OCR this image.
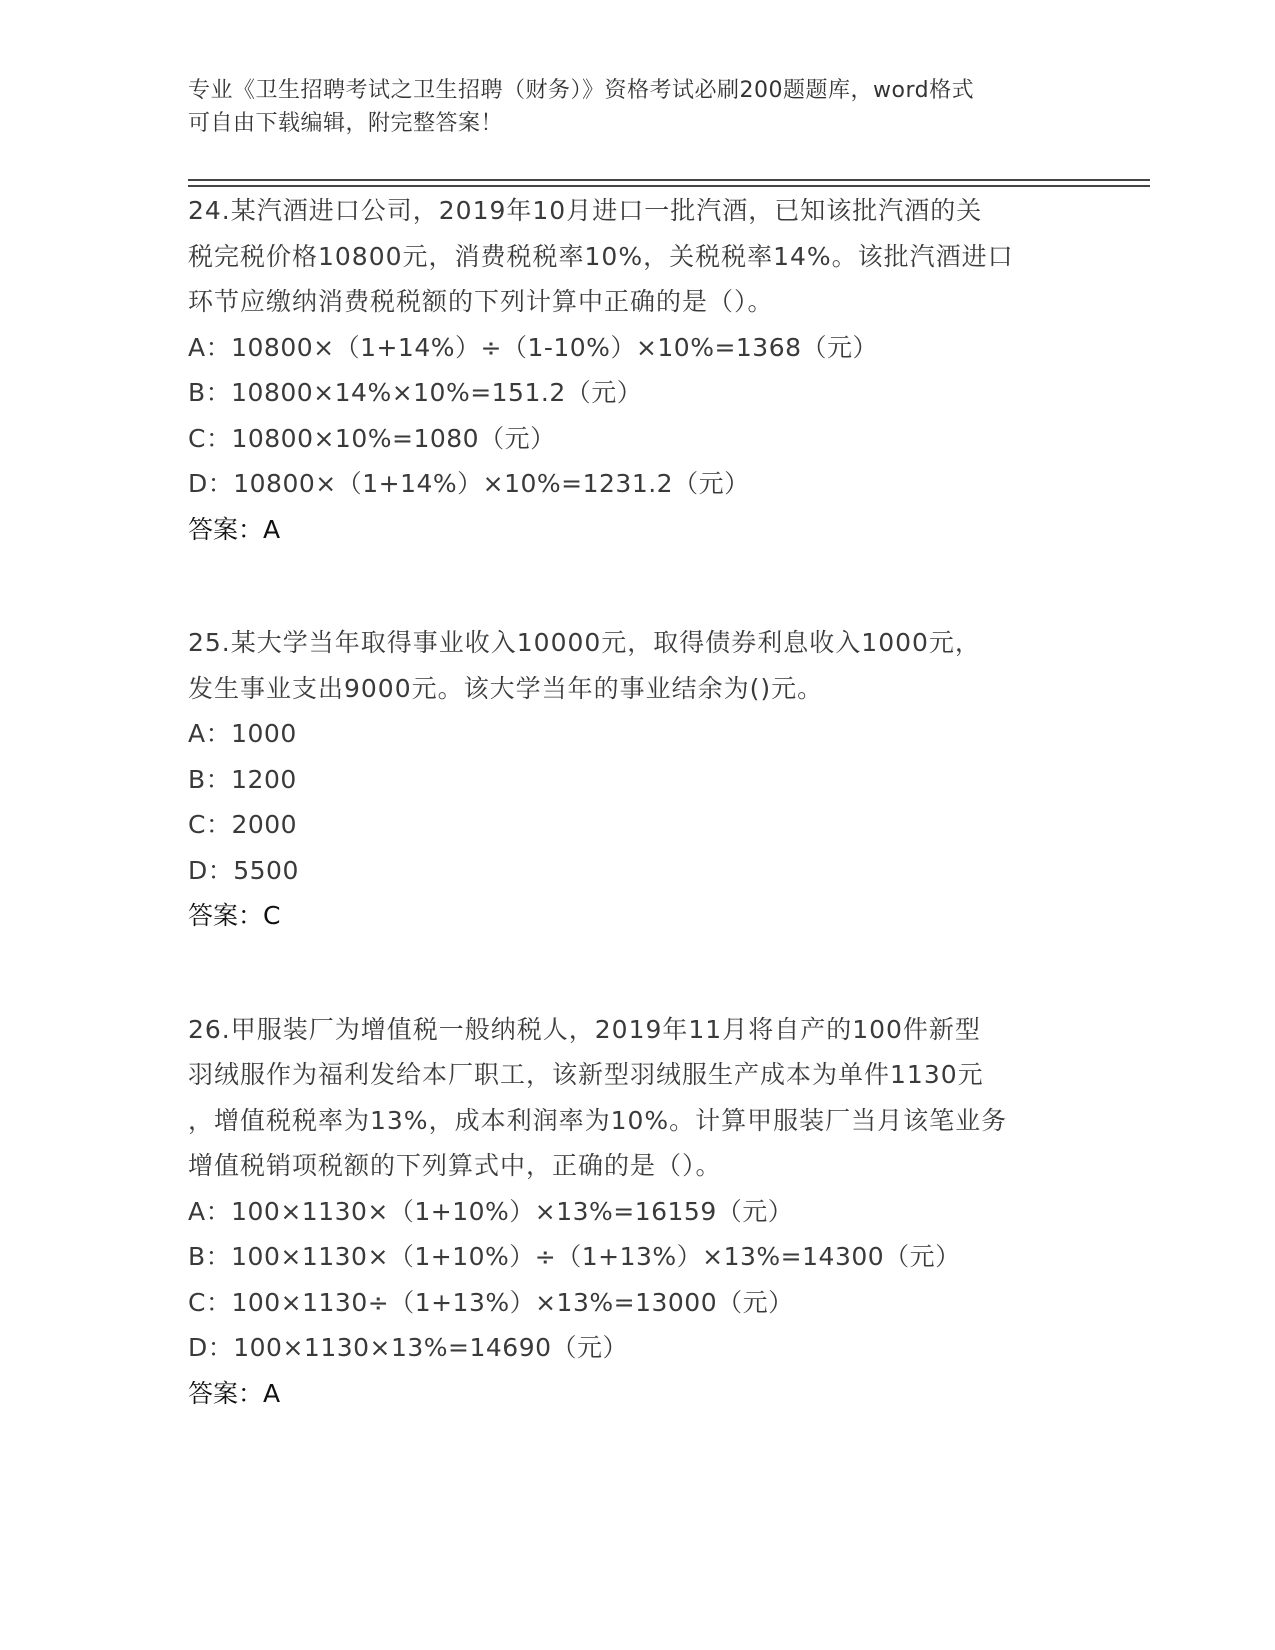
专业《卫生招聘考试之卫生招聘（财务）》资格考试必刷200题题库，word格式
可自由下载编辑，附完整答案！

24.某汽酒进口公司，2019年10月进口一批汽酒，已知该批汽酒的关

税完税价格10800元，消费税税率10%，关税税率14%。该批汽酒进口

环节应缴纳消费税税额的下列计算中正确的是（）。

A：10800×（1+14%）÷（1-10%）×10%=1368（元）

B：10800×14%×10%=151.2（元）

C：10800×10%=1080（元）

D：10800×（1+14%）×10%=1231.2（元）

答案：A

25.某大学当年取得事业收入10000元，取得债券利息收入1000元，

发生事业支出9000元。该大学当年的事业结余为()元。

A：1000

B：1200

C：2000

D：5500

答案：C

26.甲服装厂为增值税一般纳税人，2019年11月将自产的100件新型

羽绒服作为福利发给本厂职工，该新型羽绒服生产成本为单件1130元

，增值税税率为13%，成本利润率为10%。计算甲服装厂当月该笔业务

增值税销项税额的下列算式中，正确的是（）。

A：100×1130×（1+10%）×13%=16159（元）

B：100×1130×（1+10%）÷（1+13%）×13%=14300（元）

C：100×1130÷（1+13%）×13%=13000（元）

D：100×1130×13%=14690（元）

答案：A
